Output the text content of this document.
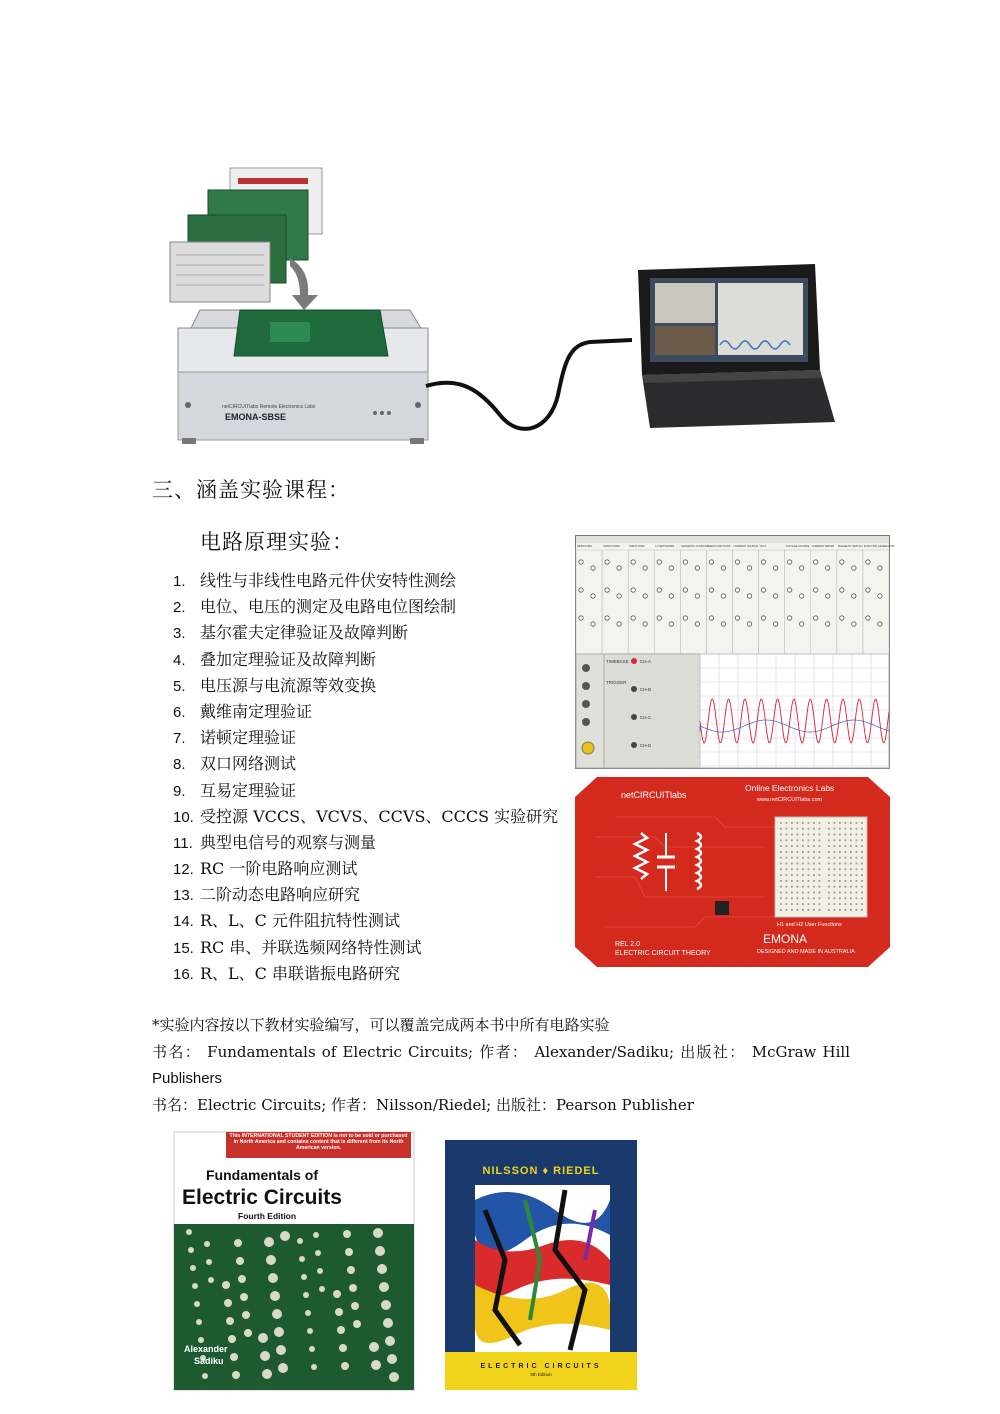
netCIRCUITlabs Remote Electronics Labs
EMONA-SBSE
三、涵盖实验课程：
电路原理实验：
1. 线性与非线性电路元件伏安特性测绘
2. 电位、电压的测定及电路电位图绘制
3. 基尔霍夫定律验证及故障判断
4. 叠加定理验证及故障判断
5. 电压源与电流源等效变换
6. 戴维南定理验证
7. 诺顿定理验证
8. 双口网络测试
9. 互易定理验证
10. 受控源 VCCS、VCVS、CCVS、CCCS 实验研究
11. 典型电信号的观察与测量
12. RC 一阶电路响应测试
13. 二阶动态电路响应研究
14. R、L、C 元件阻抗特性测试
15. RC 串、并联选频网络特性测试
16. R、L、C 串联谐振电路研究
RESISTORS	CAPACITORS	INDUCTORS	LC NETWORKS	MAGNETIC COUPLING
USER FUNCTIONS CURRENT SOURCE VOLT	VOLTAGE SOURCE CURRENT METER MAGNETIC SWITCH FUNCTION GENERATOR
TIMEBASE
TRIGGER
CH-A
CH-B
CH-C
CH-D
netCIRCUITlabs
Online Electronics Labs
www.netCIRCUITlabs.com
H1 and H2 User Functions
EMONA
DESIGNED AND MADE IN AUSTRALIA
REL 2.0
ELECTRIC CIRCUIT THEORY
*实验内容按以下教材实验编写，可以覆盖完成两本书中所有电路实验
书名： Fundamentals of Electric Circuits; 作者： Alexander/Sadiku; 出版社： McGraw Hill
Publishers
书名：Electric Circuits; 作者：Nilsson/Riedel; 出版社：Pearson Publisher
This INTERNATIONAL STUDENT EDITION is not to be sold or purchased in North America and contains content that is different from its North American version.
Fundamentals of
Electric Circuits
Fourth Edition
Alexander
Sadiku
NILSSON ♦ RIEDEL
ELECTRIC CIRCUITS
9th Edition
